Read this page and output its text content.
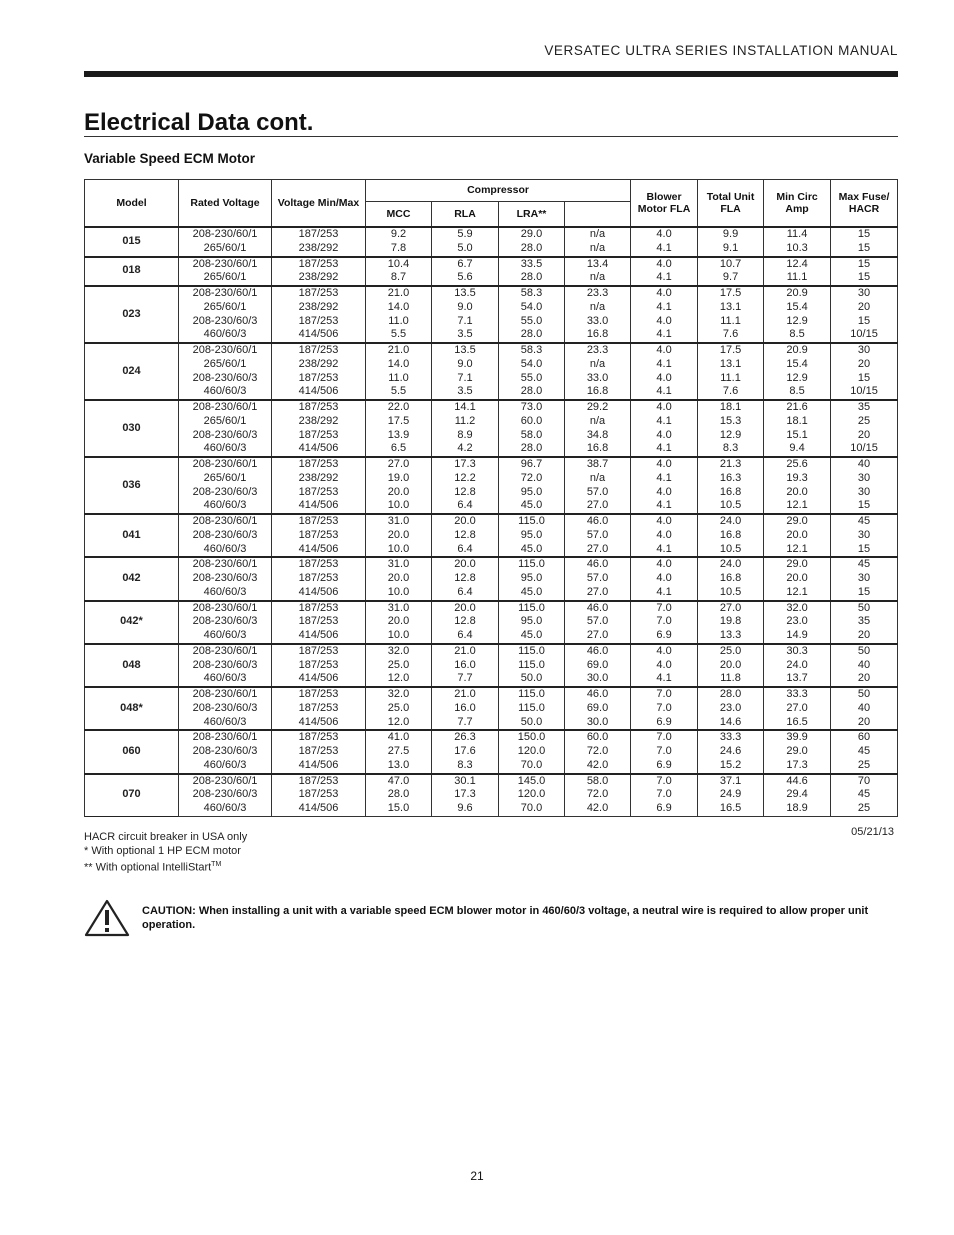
VERSATEC ULTRA SERIES INSTALLATION MANUAL
Electrical Data cont.
Variable Speed ECM Motor
Model	Rated Voltage	Voltage Min/Max	Compressor				Blower Motor FLA	Total Unit FLA	Min Circ Amp	Max Fuse/ HACR
			MCC	RLA	LRA**					
015	208-230/60/1	187/253	9.2	5.9	29.0	n/a	4.0	9.9	11.4	15
	265/60/1	238/292	7.8	5.0	28.0	n/a	4.1	9.1	10.3	15
018	208-230/60/1	187/253	10.4	6.7	33.5	13.4	4.0	10.7	12.4	15
	265/60/1	238/292	8.7	5.6	28.0	n/a	4.1	9.7	11.1	15
023	208-230/60/1	187/253	21.0	13.5	58.3	23.3	4.0	17.5	20.9	30
	265/60/1	238/292	14.0	9.0	54.0	n/a	4.1	13.1	15.4	20
	208-230/60/3	187/253	11.0	7.1	55.0	33.0	4.0	11.1	12.9	15
	460/60/3	414/506	5.5	3.5	28.0	16.8	4.1	7.6	8.5	10/15
024	208-230/60/1	187/253	21.0	13.5	58.3	23.3	4.0	17.5	20.9	30
	265/60/1	238/292	14.0	9.0	54.0	n/a	4.1	13.1	15.4	20
	208-230/60/3	187/253	11.0	7.1	55.0	33.0	4.0	11.1	12.9	15
	460/60/3	414/506	5.5	3.5	28.0	16.8	4.1	7.6	8.5	10/15
030	208-230/60/1	187/253	22.0	14.1	73.0	29.2	4.0	18.1	21.6	35
	265/60/1	238/292	17.5	11.2	60.0	n/a	4.1	15.3	18.1	25
	208-230/60/3	187/253	13.9	8.9	58.0	34.8	4.0	12.9	15.1	20
	460/60/3	414/506	6.5	4.2	28.0	16.8	4.1	8.3	9.4	10/15
036	208-230/60/1	187/253	27.0	17.3	96.7	38.7	4.0	21.3	25.6	40
	265/60/1	238/292	19.0	12.2	72.0	n/a	4.1	16.3	19.3	30
	208-230/60/3	187/253	20.0	12.8	95.0	57.0	4.0	16.8	20.0	30
	460/60/3	414/506	10.0	6.4	45.0	27.0	4.1	10.5	12.1	15
041	208-230/60/1	187/253	31.0	20.0	115.0	46.0	4.0	24.0	29.0	45
	208-230/60/3	187/253	20.0	12.8	95.0	57.0	4.0	16.8	20.0	30
	460/60/3	414/506	10.0	6.4	45.0	27.0	4.1	10.5	12.1	15
042	208-230/60/1	187/253	31.0	20.0	115.0	46.0	4.0	24.0	29.0	45
	208-230/60/3	187/253	20.0	12.8	95.0	57.0	4.0	16.8	20.0	30
	460/60/3	414/506	10.0	6.4	45.0	27.0	4.1	10.5	12.1	15
042*	208-230/60/1	187/253	31.0	20.0	115.0	46.0	7.0	27.0	32.0	50
	208-230/60/3	187/253	20.0	12.8	95.0	57.0	7.0	19.8	23.0	35
	460/60/3	414/506	10.0	6.4	45.0	27.0	6.9	13.3	14.9	20
048	208-230/60/1	187/253	32.0	21.0	115.0	46.0	4.0	25.0	30.3	50
	208-230/60/3	187/253	25.0	16.0	115.0	69.0	4.0	20.0	24.0	40
	460/60/3	414/506	12.0	7.7	50.0	30.0	4.1	11.8	13.7	20
048*	208-230/60/1	187/253	32.0	21.0	115.0	46.0	7.0	28.0	33.3	50
	208-230/60/3	187/253	25.0	16.0	115.0	69.0	7.0	23.0	27.0	40
	460/60/3	414/506	12.0	7.7	50.0	30.0	6.9	14.6	16.5	20
060	208-230/60/1	187/253	41.0	26.3	150.0	60.0	7.0	33.3	39.9	60
	208-230/60/3	187/253	27.5	17.6	120.0	72.0	7.0	24.6	29.0	45
	460/60/3	414/506	13.0	8.3	70.0	42.0	6.9	15.2	17.3	25
070	208-230/60/1	187/253	47.0	30.1	145.0	58.0	7.0	37.1	44.6	70
	208-230/60/3	187/253	28.0	17.3	120.0	72.0	7.0	24.9	29.4	45
	460/60/3	414/506	15.0	9.6	70.0	42.0	6.9	16.5	18.9	25
HACR circuit breaker in USA only
* With optional 1 HP ECM motor
** With optional IntelliStart™
05/21/13
CAUTION: When installing a unit with a variable speed ECM blower motor in 460/60/3 voltage, a neutral wire is required to allow proper unit operation.
21
